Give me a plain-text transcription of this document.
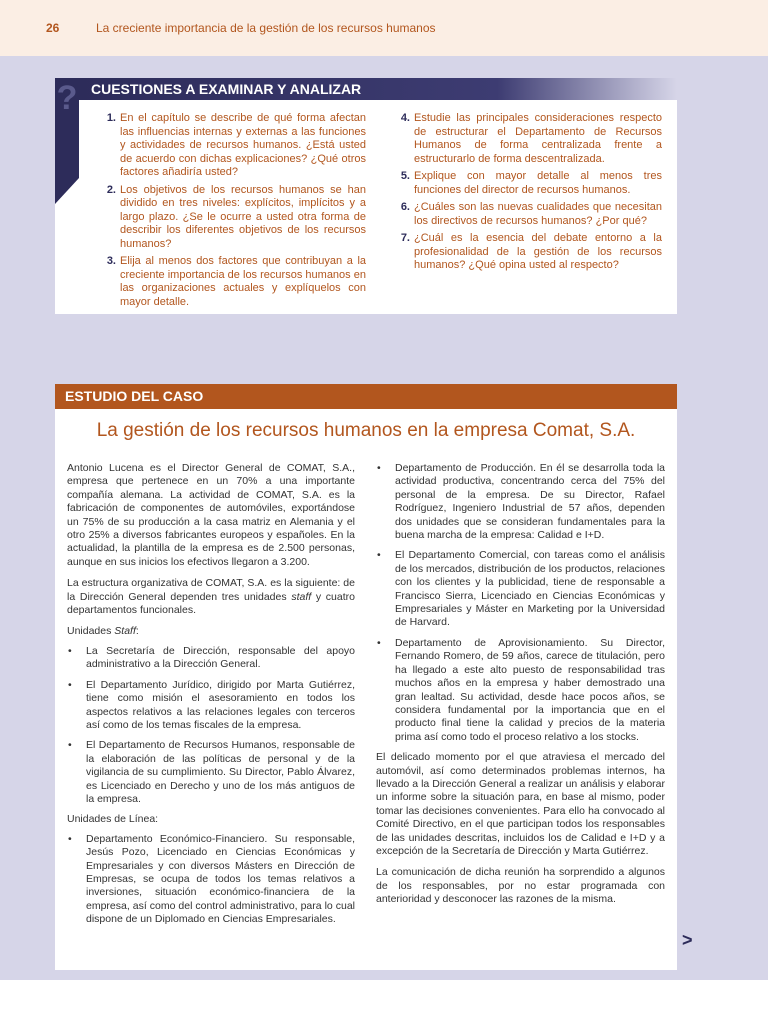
26	La creciente importancia de la gestión de los recursos humanos
? CUESTIONES A EXAMINAR Y ANALIZAR
1. En el capítulo se describe de qué forma afectan las influencias internas y externas a las funciones y actividades de recursos humanos. ¿Está usted de acuerdo con dichas explicaciones? ¿Qué otros factores añadiría usted?
2. Los objetivos de los recursos humanos se han dividido en tres niveles: explícitos, implícitos y a largo plazo. ¿Se le ocurre a usted otra forma de describir los diferentes objetivos de los recursos humanos?
3. Elija al menos dos factores que contribuyan a la creciente importancia de los recursos humanos en las organizaciones actuales y explíquelos con mayor detalle.
4. Estudie las principales consideraciones respecto de estructurar el Departamento de Recursos Humanos de forma centralizada frente a estructurarlo de forma descentralizada.
5. Explique con mayor detalle al menos tres funciones del director de recursos humanos.
6. ¿Cuáles son las nuevas cualidades que necesitan los directivos de recursos humanos? ¿Por qué?
7. ¿Cuál es la esencia del debate entorno a la profesionalidad de la gestión de los recursos humanos? ¿Qué opina usted al respecto?
ESTUDIO DEL CASO
La gestión de los recursos humanos en la empresa Comat, S.A.

Antonio Lucena es el Director General de COMAT, S.A., empresa que pertenece en un 70% a una importante compañía alemana. La actividad de COMAT, S.A. es la fabricación de componentes de automóviles, exportándose un 75% de su producción a la casa matriz en Alemania y el otro 25% a diversos fabricantes europeos y españoles. En la actualidad, la plantilla de la empresa es de 2.500 personas, aunque en sus inicios los efectivos llegaron a 3.200.

La estructura organizativa de COMAT, S.A. es la siguiente: de la Dirección General dependen tres unidades staff y cuatro departamentos funcionales.

Unidades Staff:
•	La Secretaría de Dirección, responsable del apoyo administrativo a la Dirección General.
•	El Departamento Jurídico, dirigido por Marta Gutiérrez, tiene como misión el asesoramiento en todos los aspectos relativos a las relaciones legales con terceros así como de los temas fiscales de la empresa.
•	El Departamento de Recursos Humanos, responsable de la elaboración de las políticas de personal y de la vigilancia de su cumplimiento. Su Director, Pablo Álvarez, es Licenciado en Derecho y uno de los más antiguos de la empresa.
Unidades de Línea:
•	Departamento Económico-Financiero. Su responsable, Jesús Pozo, Licenciado en Ciencias Económicas y Empresariales y con diversos Másters en Dirección de Empresas, se ocupa de todos los temas relativos a inversiones, situación económico-financiera de la empresa, así como del control administrativo, para lo cual dispone de un Diplomado en Ciencias Empresariales.
•	Departamento de Producción. En él se desarrolla toda la actividad productiva, concentrando cerca del 75% del personal de la empresa. De su Director, Rafael Rodríguez, Ingeniero Industrial de 57 años, dependen dos unidades que se consideran fundamentales para la buena marcha de la empresa: Calidad e I+D.
•	El Departamento Comercial, con tareas como el análisis de los mercados, distribución de los productos, relaciones con los clientes y la publicidad, tiene de responsable a Francisco Sierra, Licenciado en Ciencias Económicas y Empresariales y Máster en Marketing por la Universidad de Harvard.
•	Departamento de Aprovisionamiento. Su Director, Fernando Romero, de 59 años, carece de titulación, pero ha llegado a este alto puesto de responsabilidad tras muchos años en la empresa y haber demostrado una gran lealtad. Su actividad, desde hace pocos años, se considera fundamental por la importancia que en el producto final tiene la calidad y precios de la materia prima así como todo el proceso relativo a los stocks.

El delicado momento por el que atraviesa el mercado del automóvil, así como determinados problemas internos, ha llevado a la Dirección General a realizar un análisis y elaborar un informe sobre la situación para, en base al mismo, poder tomar las decisiones convenientes. Para ello ha convocado al Comité Directivo, en el que participan todos los responsables de las unidades descritas, incluidos los de Calidad e I+D y a excepción de la Secretaría de Dirección y Marta Gutiérrez.

La comunicación de dicha reunión ha sorprendido a algunos de los responsables, por no estar programada con anterioridad y desconocer las razones de la misma.

>
